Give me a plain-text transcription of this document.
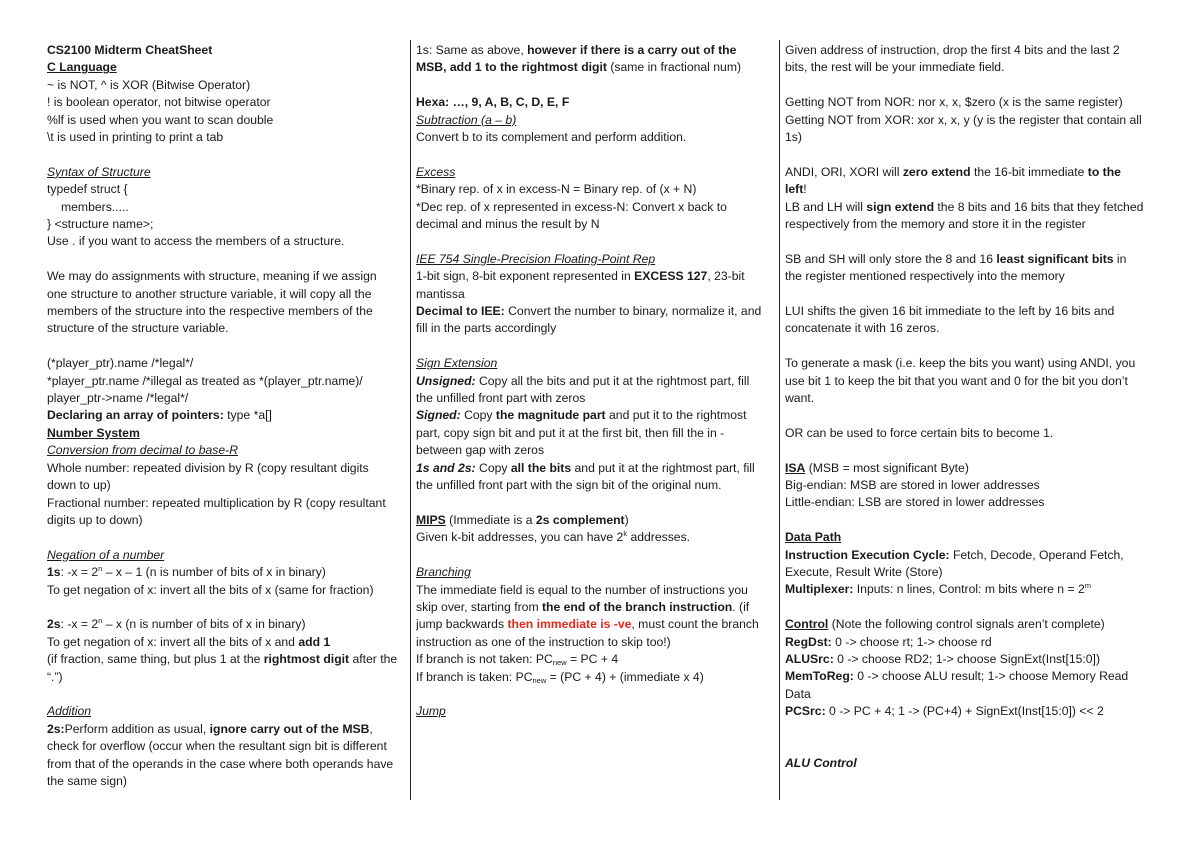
CS2100 Midterm CheatSheet
C Language
~ is NOT, ^ is XOR (Bitwise Operator)
! is boolean operator, not bitwise operator
%lf is used when you want to scan double
\t is used in printing to print a tab
Syntax of Structure
typedef struct {
members.....
} <structure name>;
Use . if you want to access the members of a structure.
We may do assignments with structure, meaning if we assign one structure to another structure variable, it will copy all the members of the structure into the respective members of the structure of the structure variable.
(*player_ptr).name /*legal*/
*player_ptr.name /*illegal as treated as *(player_ptr.name)/
player_ptr->name /*legal*/
Declaring an array of pointers: type *a[]
Number System
Conversion from decimal to base-R
Whole number: repeated division by R (copy resultant digits down to up)
Fractional number: repeated multiplication by R (copy resultant digits up to down)
Negation of a number
1s: $-x = 2^n - x - 1$ (n is number of bits of x in binary)
To get negation of x: invert all the bits of x (same for fraction)
2s: $-x = 2^n - x$ (n is number of bits of x in binary)
To get negation of x: invert all the bits of x and add 1
(if fraction, same thing, but plus 1 at the rightmost digit after the “.”)
Addition
2s:Perform addition as usual, ignore carry out of the MSB, check for overflow (occur when the resultant sign bit is different from that of the operands in the case where both operands have the same sign)
1s: Same as above, however if there is a carry out of the MSB, add 1 to the rightmost digit (same in fractional num)
Hexa: …, 9, A, B, C, D, E, F
Subtraction (a – b)
Convert b to its complement and perform addition.
Excess
*Binary rep. of x in excess-N = Binary rep. of (x + N)
*Dec rep. of x represented in excess-N: Convert x back to decimal and minus the result by N
IEE 754 Single-Precision Floating-Point Rep
1-bit sign, 8-bit exponent represented in EXCESS 127, 23-bit mantissa
Decimal to IEE: Convert the number to binary, normalize it, and fill in the parts accordingly
Sign Extension
Unsigned: Copy all the bits and put it at the rightmost part, fill the unfilled front part with zeros
Signed: Copy the magnitude part and put it to the rightmost part, copy sign bit and put it at the first bit, then fill the in - between gap with zeros
1s and 2s: Copy all the bits and put it at the rightmost part, fill the unfilled front part with the sign bit of the original num.
MIPS (Immediate is a 2s complement)
Given k-bit addresses, you can have 2$^k$ addresses.
Branching
The immediate field is equal to the number of instructions you skip over, starting from the end of the branch instruction. (if jump backwards then immediate is -ve, must count the branch instruction as one of the instruction to skip too!)
If branch is not taken: $PC_{new}$ = PC + 4
If branch is taken: $PC_{new} = (PC + 4)$ + (immediate x 4)
Jump
Given address of instruction, drop the first 4 bits and the last 2 bits, the rest will be your immediate field.
Getting NOT from NOR: nor x, x, $zero (x is the same register)
Getting NOT from XOR: xor x, x, y (y is the register that contain all 1s)
ANDI, ORI, XORI will zero extend the 16-bit immediate to the left!
LB and LH will sign extend the 8 bits and 16 bits that they fetched respectively from the memory and store it in the register
SB and SH will only store the 8 and 16 least significant bits in the register mentioned respectively into the memory
LUI shifts the given 16 bit immediate to the left by 16 bits and concatenate it with 16 zeros.
To generate a mask (i.e. keep the bits you want) using ANDI, you use bit 1 to keep the bit that you want and 0 for the bit you don’t want.
OR can be used to force certain bits to become 1.
ISA (MSB = most significant Byte)
Big-endian: MSB are stored in lower addresses
Little-endian: LSB are stored in lower addresses
Data Path
Instruction Execution Cycle: Fetch, Decode, Operand Fetch, Execute, Result Write (Store)
Multiplexer: Inputs: n lines, Control: m bits where $n = 2^m$
Control (Note the following control signals aren’t complete)
RegDst: 0 -> choose rt; 1-> choose rd
ALUSrc: 0 -> choose RD2; 1-> choose SignExt(Inst[15:0])
MemToReg: 0 -> choose ALU result; 1-> choose Memory Read Data
PCSrc: 0 -> PC + 4; 1 -> (PC+4) + SignExt(Inst[15:0]) << 2
ALU Control
